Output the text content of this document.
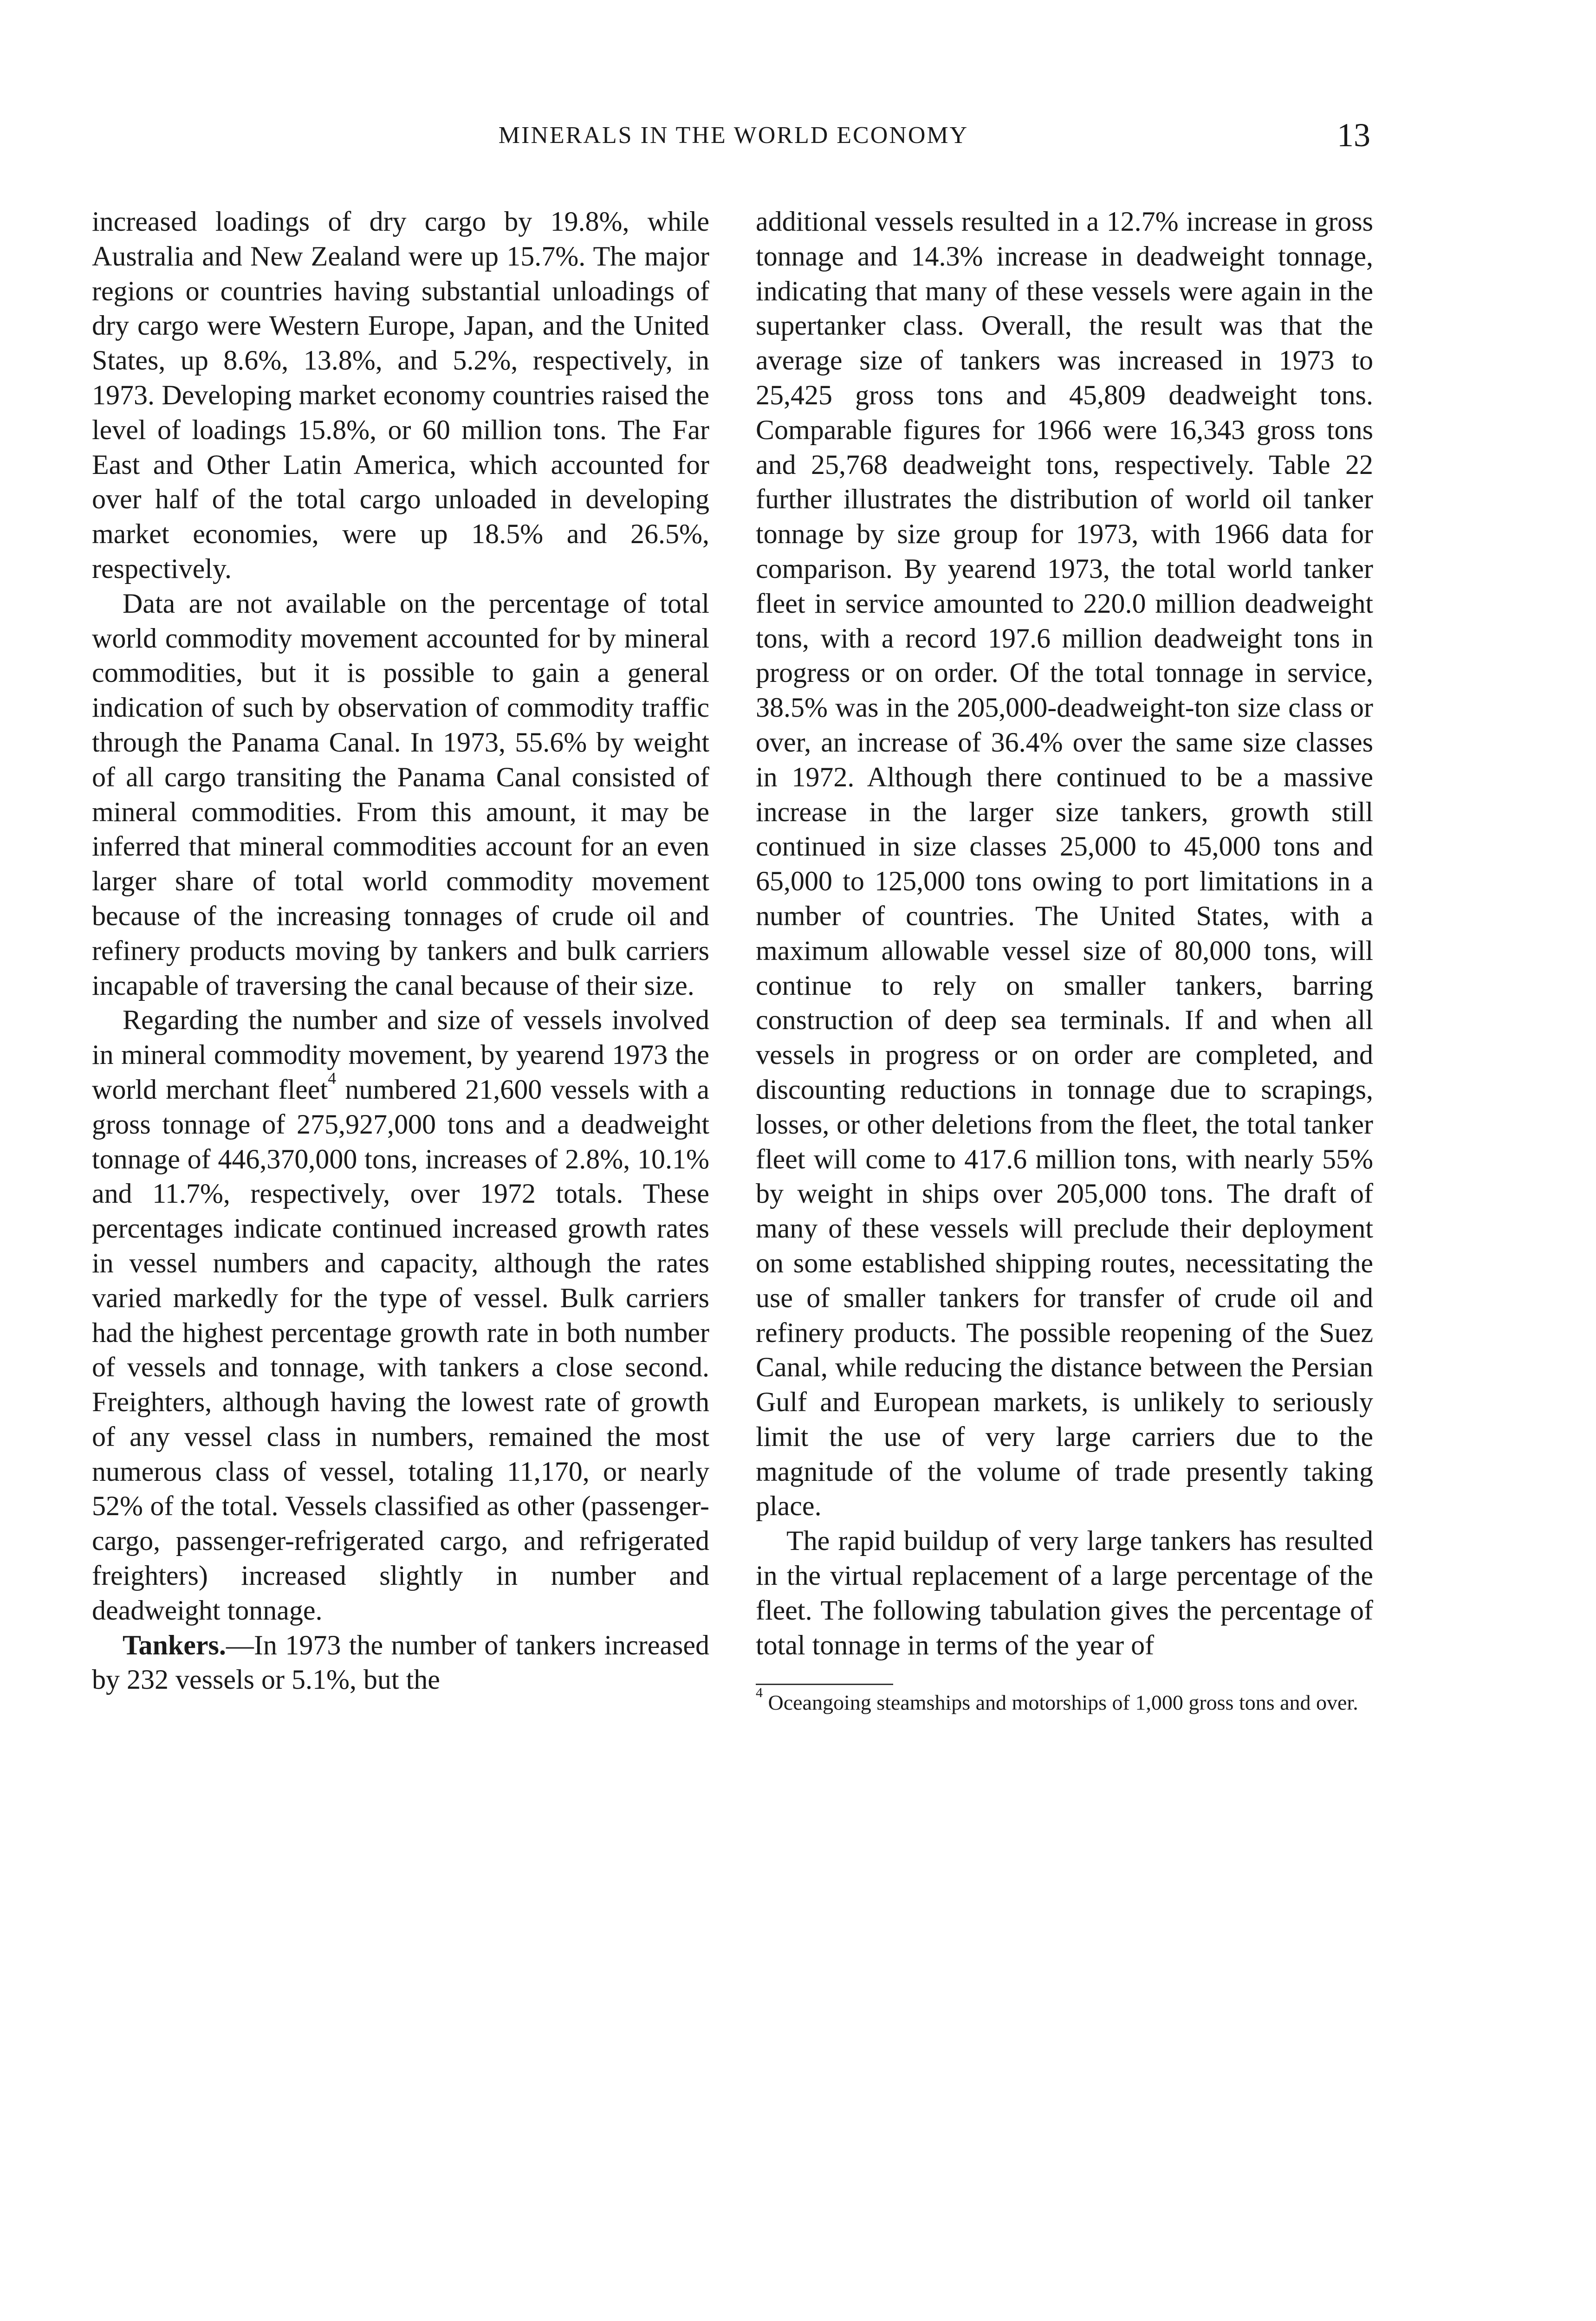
MINERALS IN THE WORLD ECONOMY	13

increased loadings of dry cargo by 19.8%, while Australia and New Zealand were up 15.7%. The major regions or countries having substantial unloadings of dry cargo were Western Europe, Japan, and the United States, up 8.6%, 13.8%, and 5.2%, respectively, in 1973. Developing market economy countries raised the level of loadings 15.8%, or 60 million tons. The Far East and Other Latin America, which accounted for over half of the total cargo unloaded in developing market economies, were up 18.5% and 26.5%, respectively.

Data are not available on the percentage of total world commodity movement accounted for by mineral commodities, but it is possible to gain a general indication of such by observation of commodity traffic through the Panama Canal. In 1973, 55.6% by weight of all cargo transiting the Panama Canal consisted of mineral commodities. From this amount, it may be inferred that mineral commodities account for an even larger share of total world commodity movement because of the increasing tonnages of crude oil and refinery products moving by tankers and bulk carriers incapable of traversing the canal because of their size.

Regarding the number and size of vessels involved in mineral commodity movement, by yearend 1973 the world merchant fleet$^4$ numbered 21,600 vessels with a gross tonnage of 275,927,000 tons and a deadweight tonnage of 446,370,000 tons, increases of 2.8%, 10.1% and 11.7%, respectively, over 1972 totals. These percentages indicate continued increased growth rates in vessel numbers and capacity, although the rates varied markedly for the type of vessel. Bulk carriers had the highest percentage growth rate in both number of vessels and tonnage, with tankers a close second. Freighters, although having the lowest rate of growth of any vessel class in numbers, remained the most numerous class of vessel, totaling 11,170, or nearly 52% of the total. Vessels classified as other (passenger-cargo, passenger-refrigerated cargo, and refrigerated freighters) increased slightly in number and deadweight tonnage.

Tankers.—In 1973 the number of tankers increased by 232 vessels or 5.1%, but the

additional vessels resulted in a 12.7% increase in gross tonnage and 14.3% increase in deadweight tonnage, indicating that many of these vessels were again in the supertanker class. Overall, the result was that the average size of tankers was increased in 1973 to 25,425 gross tons and 45,809 deadweight tons. Comparable figures for 1966 were 16,343 gross tons and 25,768 deadweight tons, respectively. Table 22 further illustrates the distribution of world oil tanker tonnage by size group for 1973, with 1966 data for comparison. By yearend 1973, the total world tanker fleet in service amounted to 220.0 million deadweight tons, with a record 197.6 million deadweight tons in progress or on order. Of the total tonnage in service, 38.5% was in the 205,000-deadweight-ton size class or over, an increase of 36.4% over the same size classes in 1972. Although there continued to be a massive increase in the larger size tankers, growth still continued in size classes 25,000 to 45,000 tons and 65,000 to 125,000 tons owing to port limitations in a number of countries. The United States, with a maximum allowable vessel size of 80,000 tons, will continue to rely on smaller tankers, barring construction of deep sea terminals. If and when all vessels in progress or on order are completed, and discounting reductions in tonnage due to scrapings, losses, or other deletions from the fleet, the total tanker fleet will come to 417.6 million tons, with nearly 55% by weight in ships over 205,000 tons. The draft of many of these vessels will preclude their deployment on some established shipping routes, necessitating the use of smaller tankers for transfer of crude oil and refinery products. The possible reopening of the Suez Canal, while reducing the distance between the Persian Gulf and European markets, is unlikely to seriously limit the use of very large carriers due to the magnitude of the volume of trade presently taking place.

The rapid buildup of very large tankers has resulted in the virtual replacement of a large percentage of the fleet. The following tabulation gives the percentage of total tonnage in terms of the year of

$^4$ Oceangoing steamships and motorships of 1,000 gross tons and over.
